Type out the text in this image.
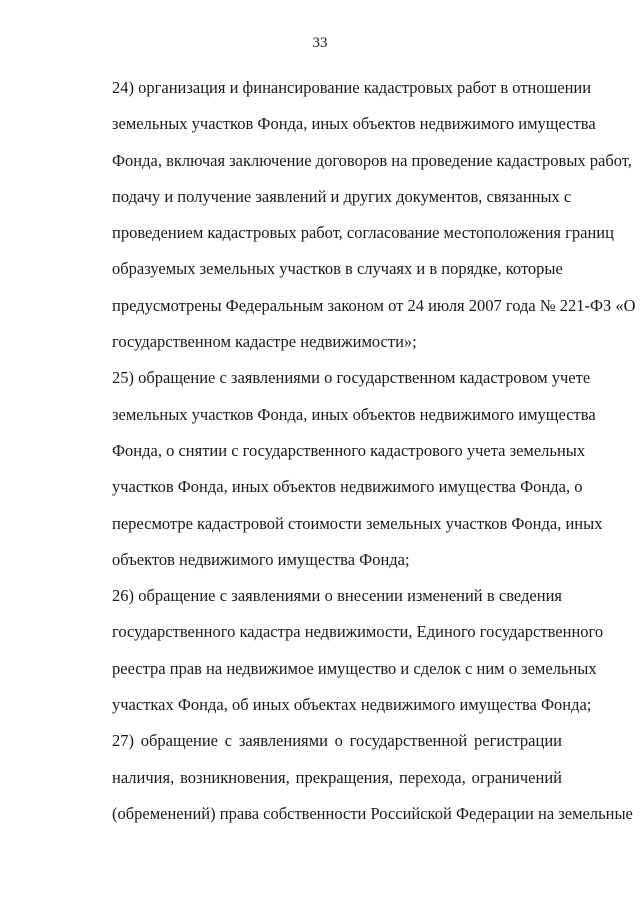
33
24) организация и финансирование кадастровых работ в отношении
земельных участков Фонда, иных объектов недвижимого имущества
Фонда, включая заключение договоров на проведение кадастровых работ,
подачу и получение заявлений и других документов, связанных с
проведением кадастровых работ, согласование местоположения границ
образуемых земельных участков в случаях и в порядке, которые
предусмотрены Федеральным законом от 24 июля 2007 года № 221-ФЗ «О
государственном кадастре недвижимости»;
25) обращение с заявлениями о государственном кадастровом учете
земельных участков Фонда, иных объектов недвижимого имущества
Фонда, о снятии с государственного кадастрового учета земельных
участков Фонда, иных объектов недвижимого имущества Фонда, о
пересмотре кадастровой стоимости земельных участков Фонда, иных
объектов недвижимого имущества Фонда;
26) обращение с заявлениями о внесении изменений в сведения
государственного кадастра недвижимости, Единого государственного
реестра прав на недвижимое имущество и сделок с ним о земельных
участках Фонда, об иных объектах недвижимого имущества Фонда;
27) обращение с заявлениями о государственной регистрации
наличия, возникновения, прекращения, перехода, ограничений
(обременений) права собственности Российской Федерации на земельные
